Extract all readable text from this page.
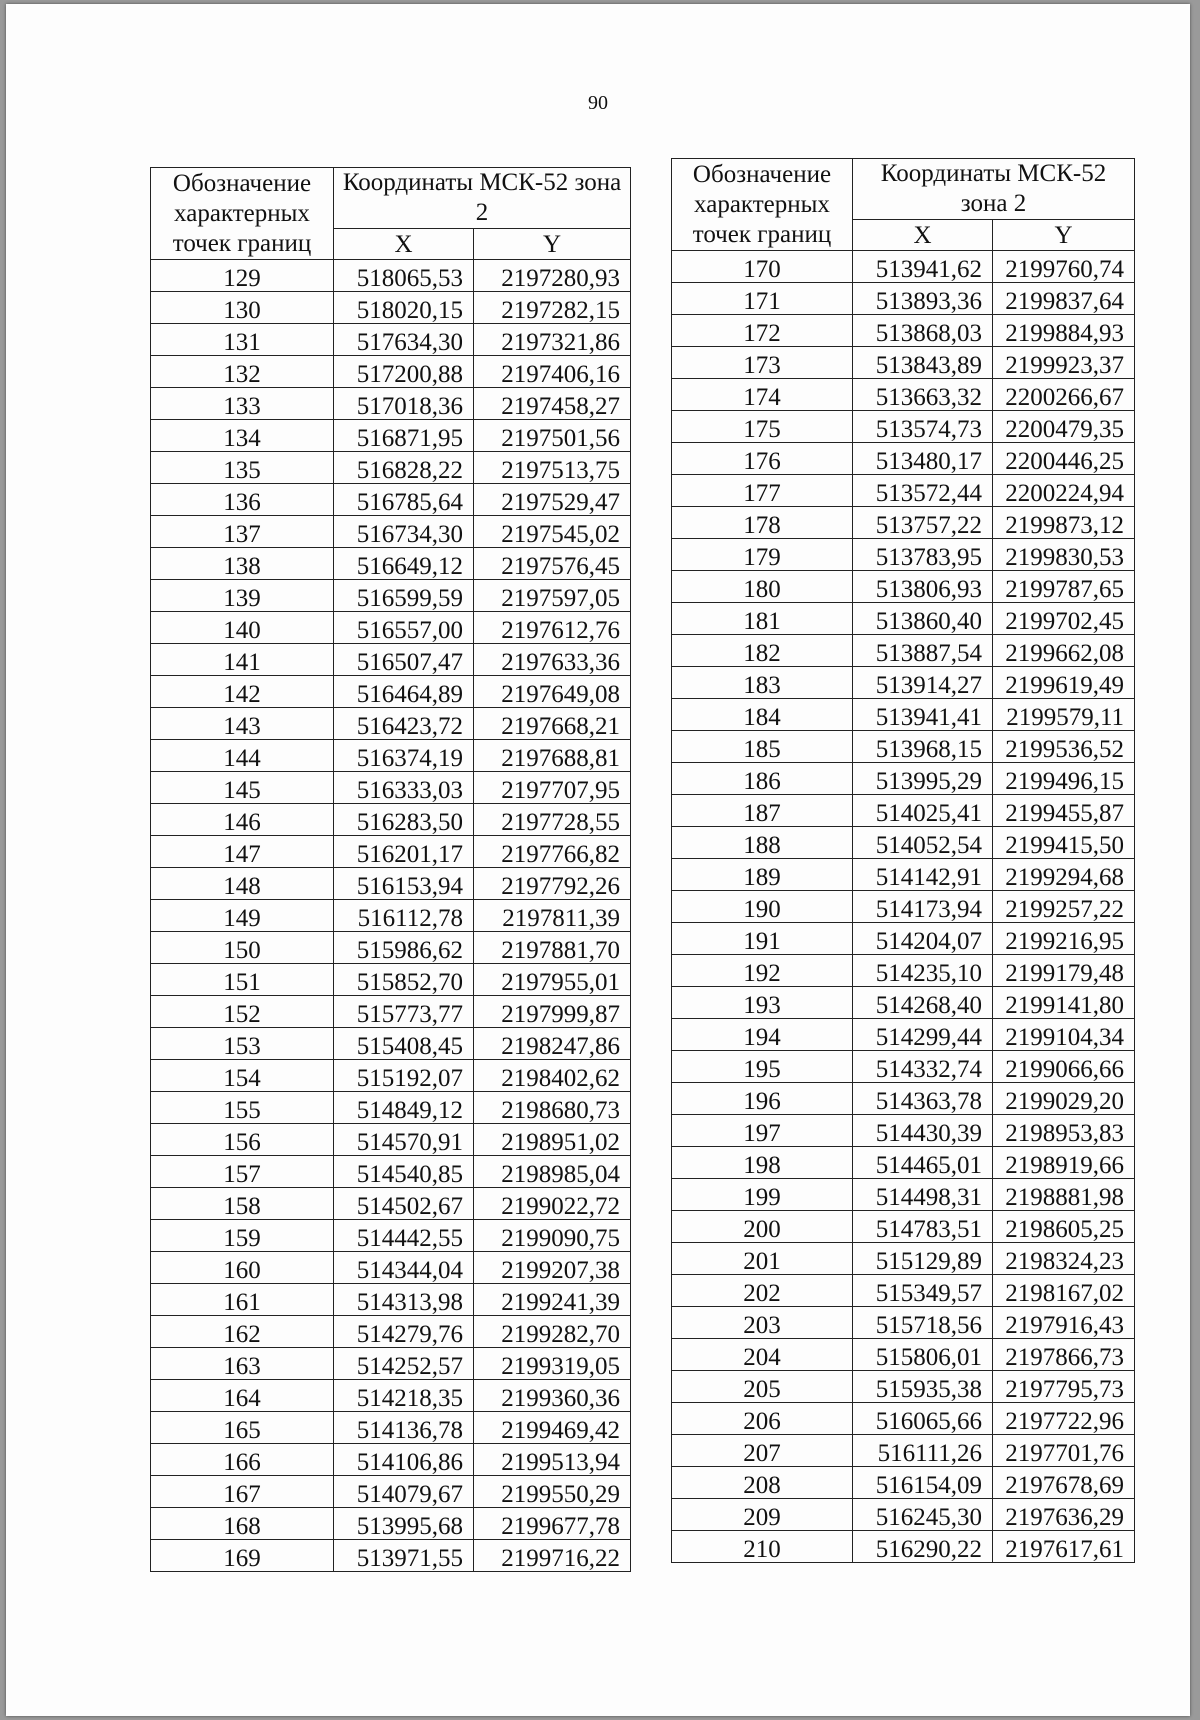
90
Обозначение характерных точек границ	Координаты МСК-52 зона 2	
	X	Y
129	518065,53	2197280,93
130	518020,15	2197282,15
131	517634,30	2197321,86
132	517200,88	2197406,16
133	517018,36	2197458,27
134	516871,95	2197501,56
135	516828,22	2197513,75
136	516785,64	2197529,47
137	516734,30	2197545,02
138	516649,12	2197576,45
139	516599,59	2197597,05
140	516557,00	2197612,76
141	516507,47	2197633,36
142	516464,89	2197649,08
143	516423,72	2197668,21
144	516374,19	2197688,81
145	516333,03	2197707,95
146	516283,50	2197728,55
147	516201,17	2197766,82
148	516153,94	2197792,26
149	516112,78	2197811,39
150	515986,62	2197881,70
151	515852,70	2197955,01
152	515773,77	2197999,87
153	515408,45	2198247,86
154	515192,07	2198402,62
155	514849,12	2198680,73
156	514570,91	2198951,02
157	514540,85	2198985,04
158	514502,67	2199022,72
159	514442,55	2199090,75
160	514344,04	2199207,38
161	514313,98	2199241,39
162	514279,76	2199282,70
163	514252,57	2199319,05
164	514218,35	2199360,36
165	514136,78	2199469,42
166	514106,86	2199513,94
167	514079,67	2199550,29
168	513995,68	2199677,78
169	513971,55	2199716,22
Обозначение характерных точек границ	Координаты МСК-52 зона 2	
	X	Y
170	513941,62	2199760,74
171	513893,36	2199837,64
172	513868,03	2199884,93
173	513843,89	2199923,37
174	513663,32	2200266,67
175	513574,73	2200479,35
176	513480,17	2200446,25
177	513572,44	2200224,94
178	513757,22	2199873,12
179	513783,95	2199830,53
180	513806,93	2199787,65
181	513860,40	2199702,45
182	513887,54	2199662,08
183	513914,27	2199619,49
184	513941,41	2199579,11
185	513968,15	2199536,52
186	513995,29	2199496,15
187	514025,41	2199455,87
188	514052,54	2199415,50
189	514142,91	2199294,68
190	514173,94	2199257,22
191	514204,07	2199216,95
192	514235,10	2199179,48
193	514268,40	2199141,80
194	514299,44	2199104,34
195	514332,74	2199066,66
196	514363,78	2199029,20
197	514430,39	2198953,83
198	514465,01	2198919,66
199	514498,31	2198881,98
200	514783,51	2198605,25
201	515129,89	2198324,23
202	515349,57	2198167,02
203	515718,56	2197916,43
204	515806,01	2197866,73
205	515935,38	2197795,73
206	516065,66	2197722,96
207	516111,26	2197701,76
208	516154,09	2197678,69
209	516245,30	2197636,29
210	516290,22	2197617,61
